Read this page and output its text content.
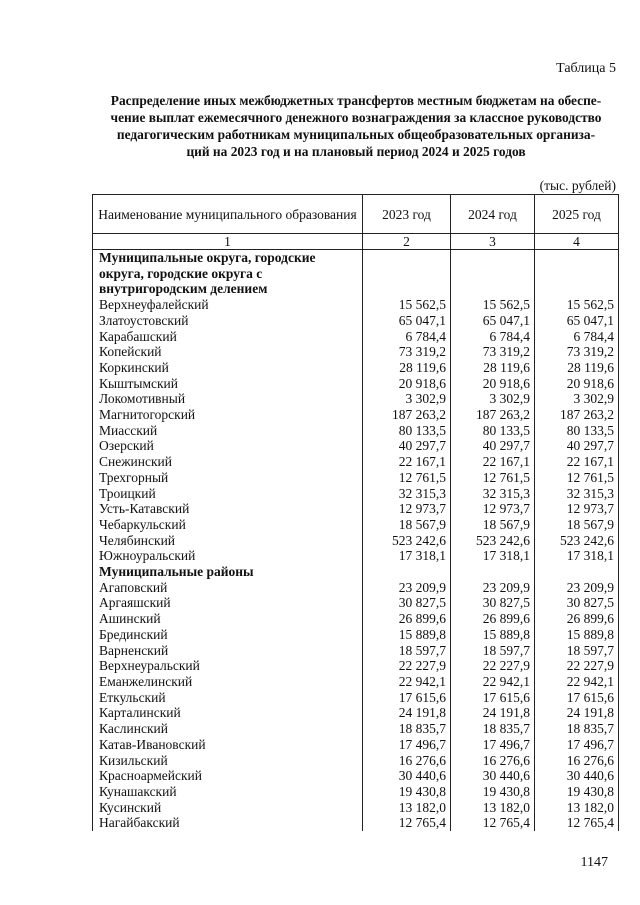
Таблица 5
Распределение иных межбюджетных трансфертов местным бюджетам на обеспе-
чение выплат ежемесячного денежного вознаграждения за классное руководство
педагогическим работникам муниципальных общеобразовательных организа-
ций на 2023 год и на плановый период 2024 и 2025 годов
(тыс. рублей)
Наименование муниципального образования	2023 год	2024 год	2025 год
1	2	3	4
Муниципальные округа, городские округа, городские округа с внутригородским делением			
Верхнеуфалейский	15 562,5	15 562,5	15 562,5
Златоустовский	65 047,1	65 047,1	65 047,1
Карабашский	6 784,4	6 784,4	6 784,4
Копейский	73 319,2	73 319,2	73 319,2
Коркинский	28 119,6	28 119,6	28 119,6
Кыштымский	20 918,6	20 918,6	20 918,6
Локомотивный	3 302,9	3 302,9	3 302,9
Магнитогорский	187 263,2	187 263,2	187 263,2
Миасский	80 133,5	80 133,5	80 133,5
Озерский	40 297,7	40 297,7	40 297,7
Снежинский	22 167,1	22 167,1	22 167,1
Трехгорный	12 761,5	12 761,5	12 761,5
Троицкий	32 315,3	32 315,3	32 315,3
Усть-Катавский	12 973,7	12 973,7	12 973,7
Чебаркульский	18 567,9	18 567,9	18 567,9
Челябинский	523 242,6	523 242,6	523 242,6
Южноуральский	17 318,1	17 318,1	17 318,1
Муниципальные районы			
Агаповский	23 209,9	23 209,9	23 209,9
Аргаяшский	30 827,5	30 827,5	30 827,5
Ашинский	26 899,6	26 899,6	26 899,6
Брединский	15 889,8	15 889,8	15 889,8
Варненский	18 597,7	18 597,7	18 597,7
Верхнеуральский	22 227,9	22 227,9	22 227,9
Еманжелинский	22 942,1	22 942,1	22 942,1
Еткульский	17 615,6	17 615,6	17 615,6
Карталинский	24 191,8	24 191,8	24 191,8
Каслинский	18 835,7	18 835,7	18 835,7
Катав-Ивановский	17 496,7	17 496,7	17 496,7
Кизильский	16 276,6	16 276,6	16 276,6
Красноармейский	30 440,6	30 440,6	30 440,6
Кунашакский	19 430,8	19 430,8	19 430,8
Кусинский	13 182,0	13 182,0	13 182,0
Нагайбакский	12 765,4	12 765,4	12 765,4
1147
